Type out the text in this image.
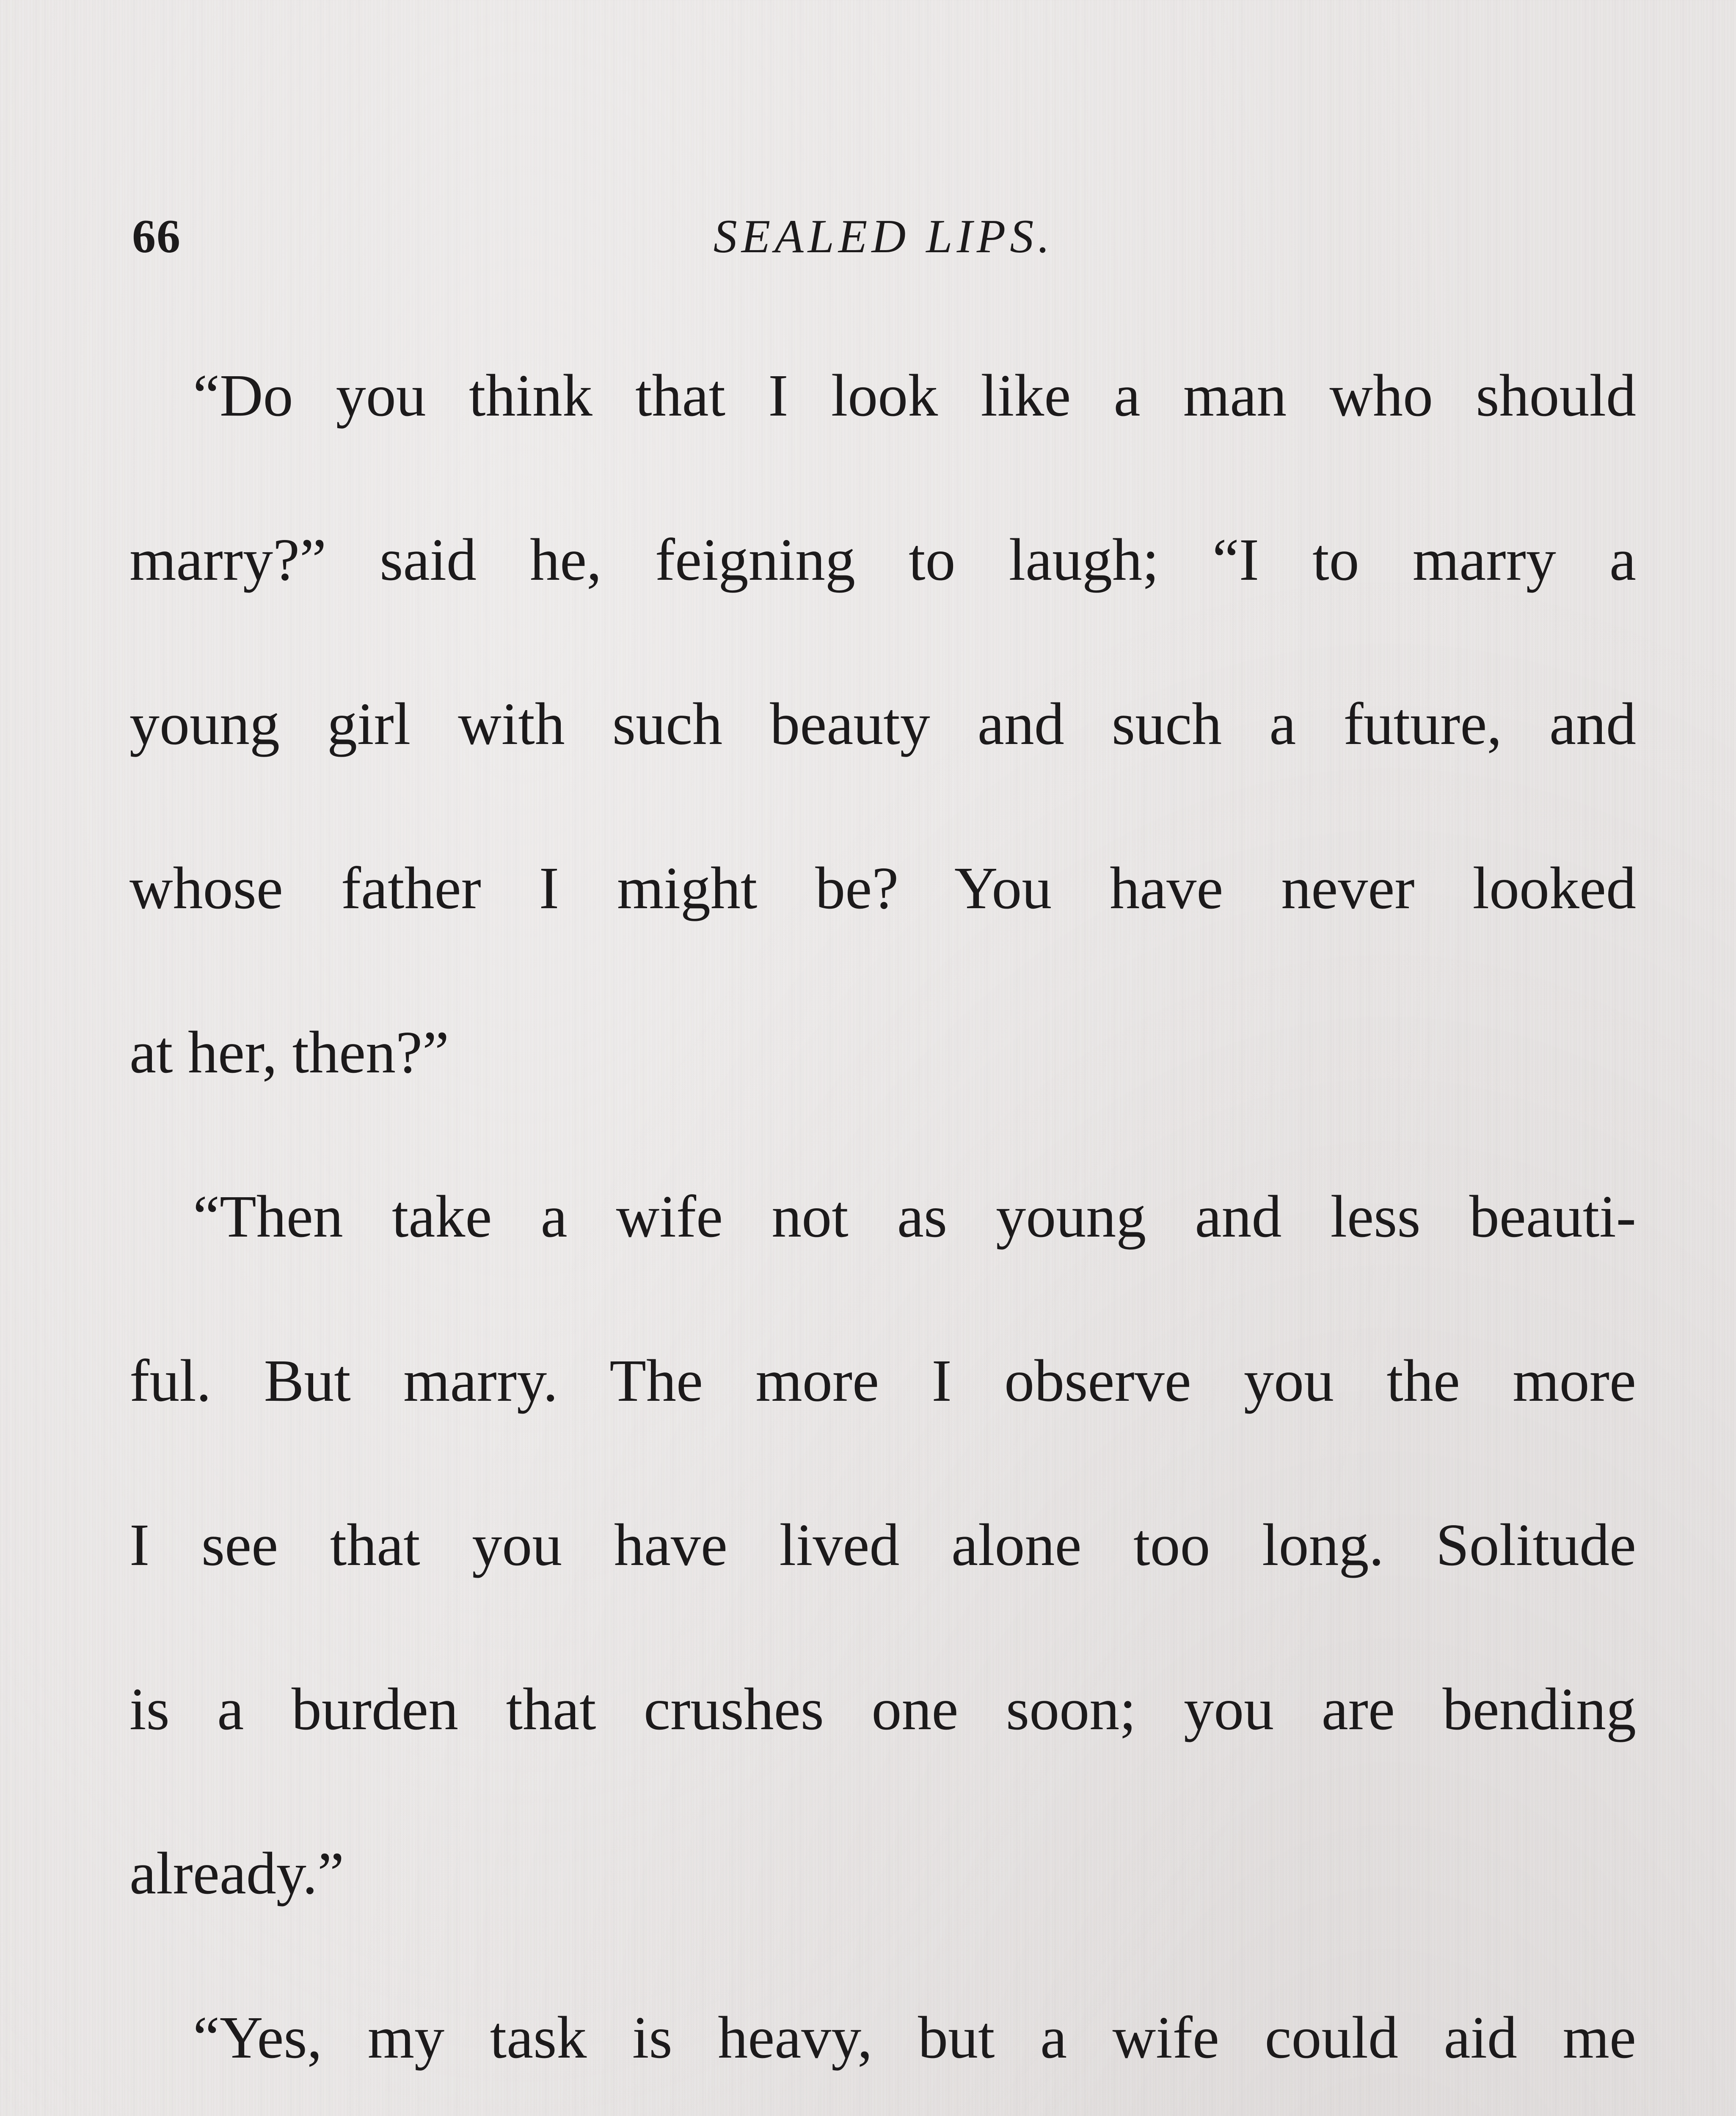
66	SEALED LIPS.

“Do you think that I look like a man who should
marry?” said he, feigning to laugh; “I to marry a
young girl with such beauty and such a future, and
whose father I might be? You have never looked
at her, then?”

“Then take a wife not as young and less beauti-
ful. But marry. The more I observe you the more
I see that you have lived alone too long. Solitude
is a burden that crushes one soon; you are bending
already.”

“Yes, my task is heavy, but a wife could aid me
